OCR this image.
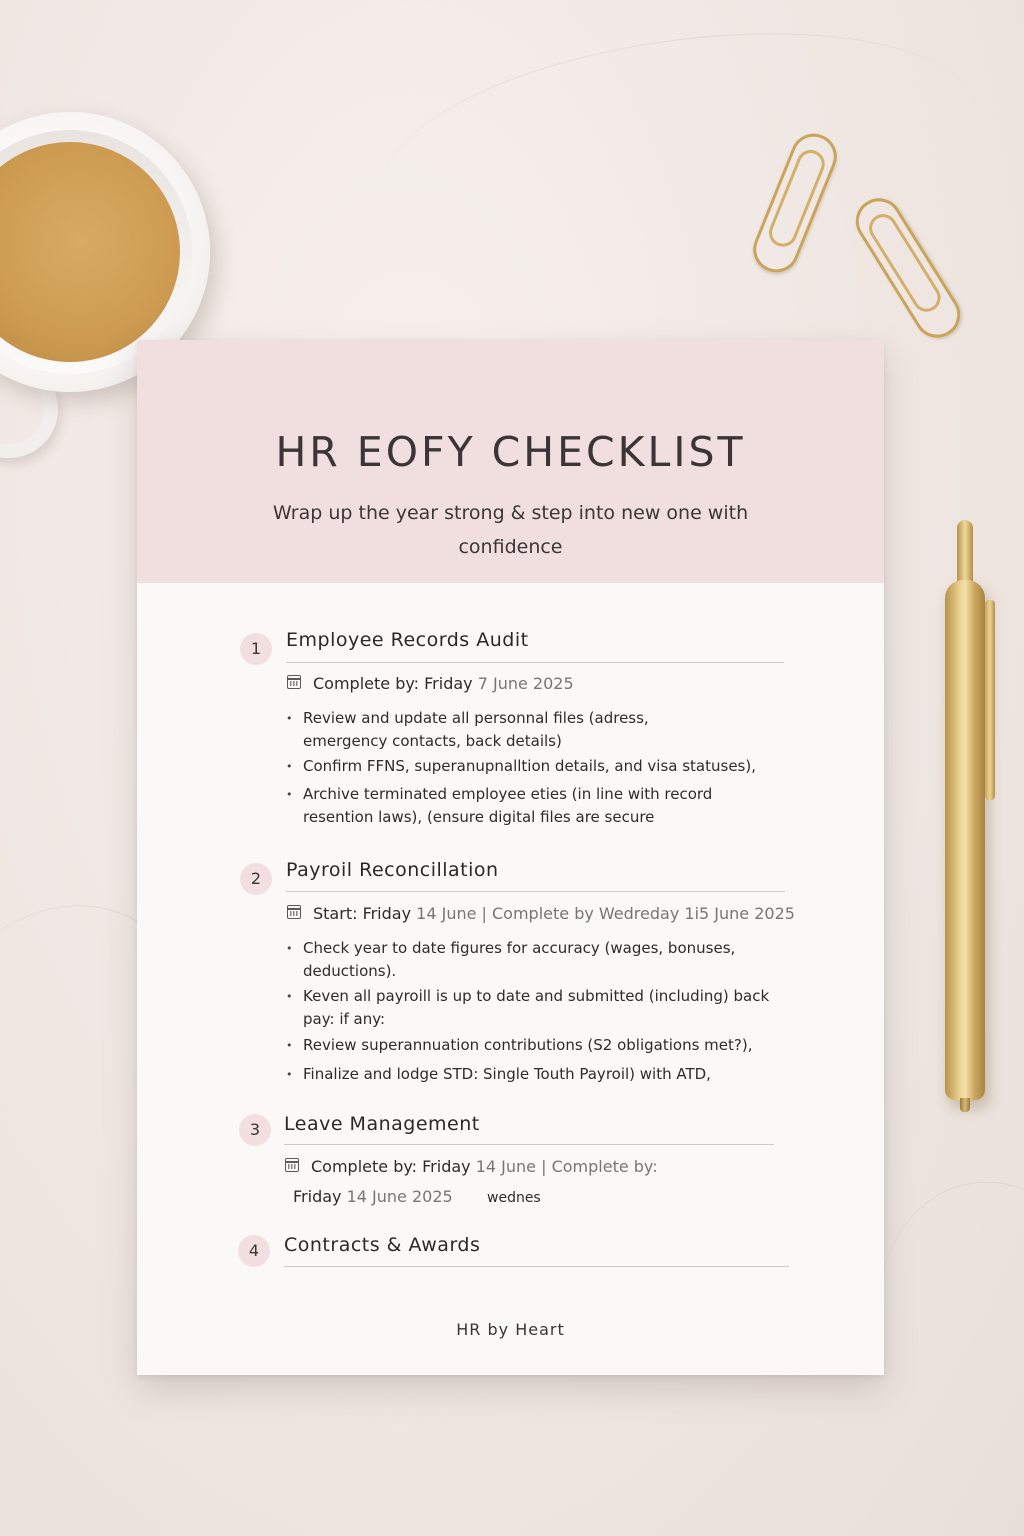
HR EOFY CHECKLIST
Wrap up the year strong & step into new one with confidence
1	Employee Records Audit
Complete by: Friday 7 June 2025
• Review and update all personnal files (adress, emergency contacts, back details)
• Confirm FFNS, superanupnalltion details, and visa statuses),
• Archive terminated employee eties (in line with record resention laws), (ensure digital files are secure
2	Payroil Reconcillation
Start: Friday 14 June | Complete by Wedreday 1i5 June 2025
• Check year to date figures for accuracy (wages, bonuses, deductions).
• Keven all payroill is up to date and submitted (including) back pay: if any:
• Review superannuation contributions (S2 obligations met?),
• Finalize and lodge STD: Single Touth Payroil) with ATD,
3	Leave Management
Complete by: Friday 14 June | Complete by:
Friday 14 June 2025 wednes
4	Contracts & Awards
HR by Heart
